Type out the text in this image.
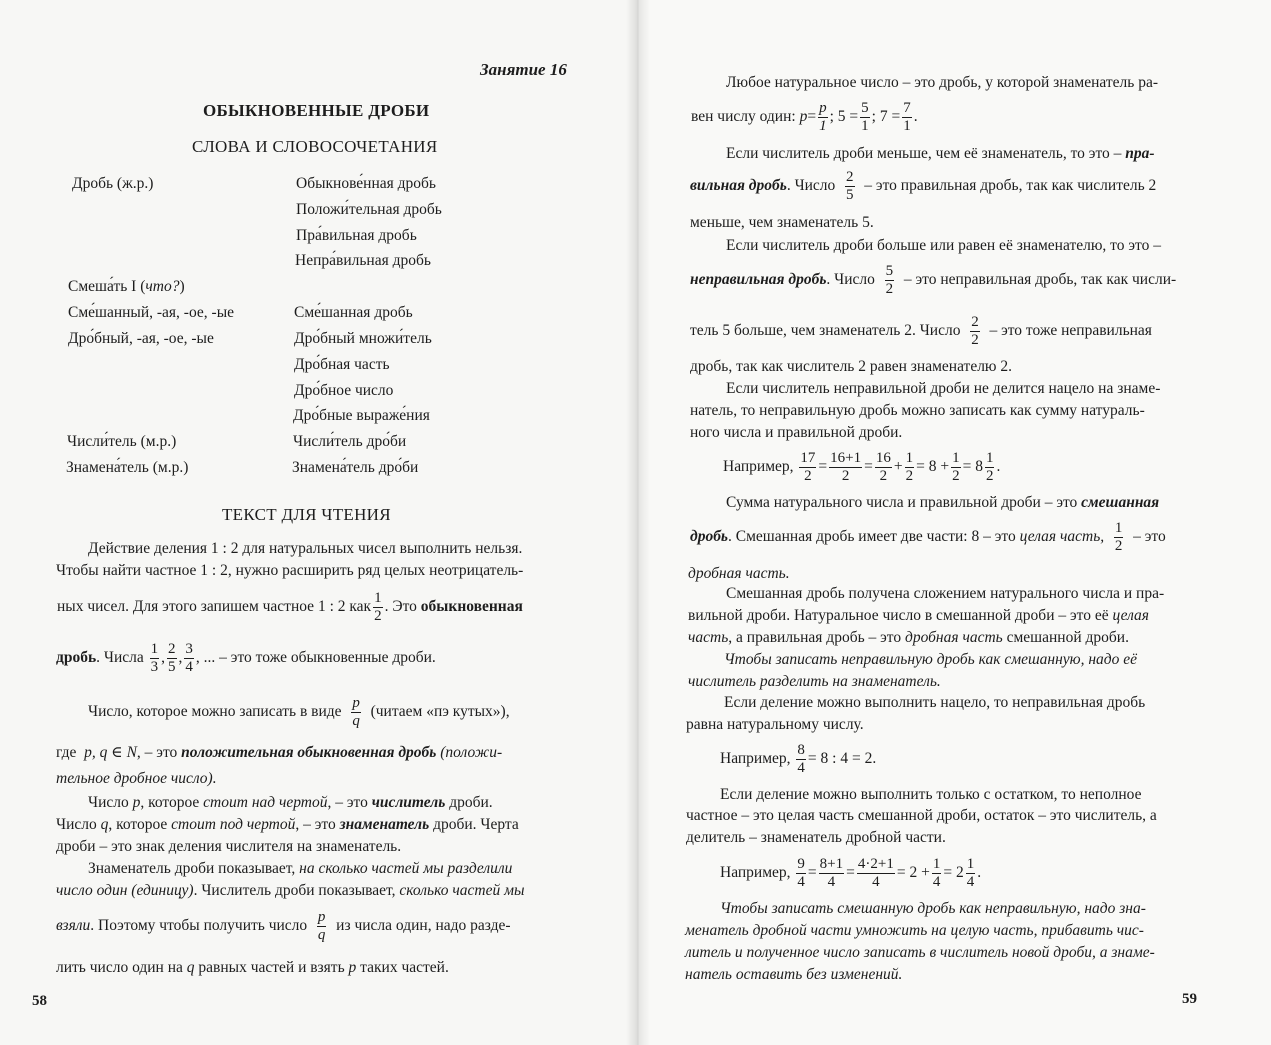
Занятие 16
ОБЫКНОВЕННЫЕ ДРОБИ
СЛОВА И СЛОВОСОЧЕТАНИЯ
Дробь (ж.р.)
Смеша́ть I (что?)
Сме́шанный, -ая, -ое, -ые
Дро́бный, -ая, -ое, -ые
Числи́тель (м.р.)
Знамена́тель (м.р.)
Обыкнове́нная дробь
Положи́тельная дробь
Пра́вильная дробь
Непра́вильная дробь
Сме́шанная дробь
Дро́бный множи́тель
Дро́бная часть
Дро́бное число
Дро́бные выраже́ния
Числи́тель дро́би
Знамена́тель дро́би
ТЕКСТ ДЛЯ ЧТЕНИЯ
Действие деления 1 : 2 для натуральных чисел выполнить нельзя.
Чтобы найти частное 1 : 2, нужно расширить ряд целых неотрицатель-
ных чисел. Для этого запишем частное 1 : 2 как $\frac{1}{2}$ . Это
обыкновенная
дробь . Числа
$\frac{1}{3}$ , $\frac{2}{5}$ , $\frac{3}{4}$ , ... – это тоже обыкновенные дроби.
Число, которое можно записать в виде
$\frac{p}{q}$
(читаем «пэ кутых»),
где p, q ∈ N, – это положительная обыкновенная дробь (положи-
тельное дробное число).
Число p, которое стоит над чертой, – это числитель дроби.
Число q, которое стоит под чертой, – это знаменатель дроби. Черта
дроби – это знак деления числителя на знаменатель.
Знаменатель дроби показывает, на сколько частей мы разделили
число один (единицу). Числитель дроби показывает, сколько частей мы
взяли . Поэтому чтобы получить число
$\frac{p}{q}$
из числа один, надо разде-
лить число один на q равных частей и взять p таких частей.
58
Любое натуральное число – это дробь, у которой знаменатель ра-
вен числу один:
$p = \frac{p}{1}$ ; $5 = \frac{5}{1}$ ; $7 = \frac{7}{1}$ .
Если числитель дроби меньше, чем её знаменатель, то это – пра-
вильная дробь . Число
$\frac{2}{5}$
– это правильная дробь, так как числитель 2
меньше, чем знаменатель 5.
Если числитель дроби больше или равен её знаменателю, то это –
неправильная дробь . Число
$\frac{5}{2}$
– это неправильная дробь, так как числи-
тель 5 больше, чем знаменатель 2. Число
$\frac{2}{2}$
– это тоже неправильная
дробь, так как числитель 2 равен знаменателю 2.
Если числитель неправильной дроби не делится нацело на знаме-
натель, то неправильную дробь можно записать как сумму натураль-
ного числа и правильной дроби.
Например,
$\frac{17}{2} = \frac{16+1}{2} = \frac{16}{2} + \frac{1}{2} = 8 + \frac{1}{2} = 8 \frac{1}{2}$ .
Сумма натурального числа и правильной дроби – это смешанная
дробь . Смешанная дробь имеет две части: 8 – это
целая часть,
$\frac{1}{2}$
– это
дробная часть.
Смешанная дробь получена сложением натурального числа и пра-
вильной дроби. Натуральное число в смешанной дроби – это её целая
часть, а правильная дробь – это дробная часть смешанной дроби.
Чтобы записать неправильную дробь как смешанную, надо её
числитель разделить на знаменатель.
Если деление можно выполнить нацело, то неправильная дробь
равна натуральному числу.
Например,
$\frac{8}{4} = 8$ : 4 = 2.
Если деление можно выполнить только с остатком, то неполное
частное – это целая часть смешанной дроби, остаток – это числитель, а
делитель – знаменатель дробной части.
Например,
$\frac{9}{4} = \frac{8+1}{4} = \frac{4\cdot 2+1}{4} = 2 + \frac{1}{4} = 2 \frac{1}{4}$ .
Чтобы записать смешанную дробь как неправильную, надо зна-
менатель дробной части умножить на целую часть, прибавить чис-
литель и полученное число записать в числитель новой дроби, а знаме-
натель оставить без изменений.
59
